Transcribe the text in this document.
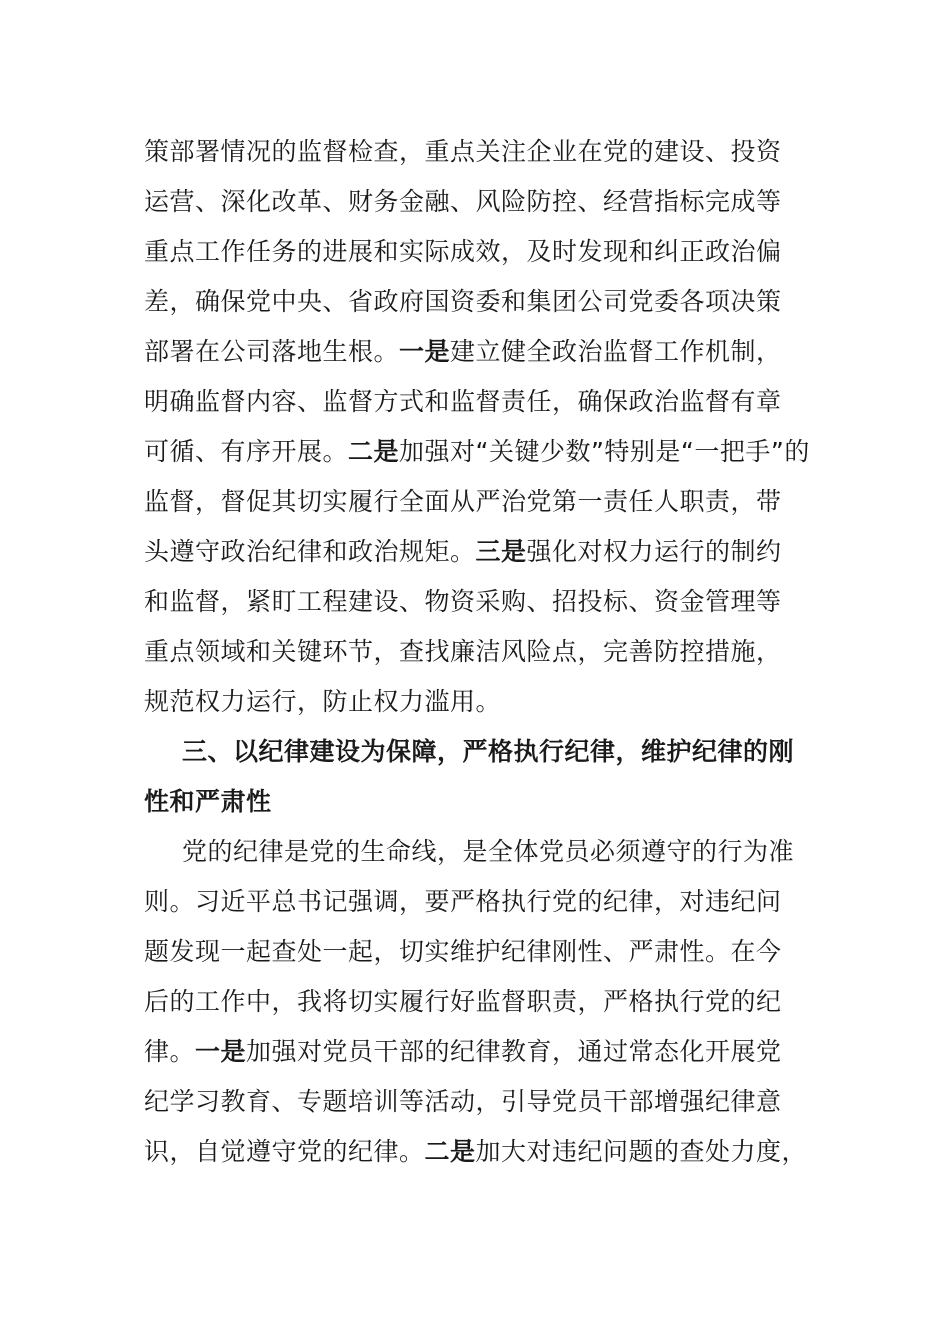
策部署情况的监督检查，重点关注企业在党的建设、投资
运营、深化改革、财务金融、风险防控、经营指标完成等
重点工作任务的进展和实际成效，及时发现和纠正政治偏
差，确保党中央、省政府国资委和集团公司党委各项决策
部署在公司落地生根。一是建立健全政治监督工作机制，
明确监督内容、监督方式和监督责任，确保政治监督有章
可循、有序开展。二是加强对“关键少数”特别是“一把手”的
监督，督促其切实履行全面从严治党第一责任人职责，带
头遵守政治纪律和政治规矩。三是强化对权力运行的制约
和监督，紧盯工程建设、物资采购、招投标、资金管理等
重点领域和关键环节，查找廉洁风险点，完善防控措施，
规范权力运行，防止权力滥用。
三、以纪律建设为保障，严格执行纪律，维护纪律的刚
性和严肃性
党的纪律是党的生命线，是全体党员必须遵守的行为准
则。习近平总书记强调，要严格执行党的纪律，对违纪问
题发现一起查处一起，切实维护纪律刚性、严肃性。在今
后的工作中，我将切实履行好监督职责，严格执行党的纪
律。一是加强对党员干部的纪律教育，通过常态化开展党
纪学习教育、专题培训等活动，引导党员干部增强纪律意
识，自觉遵守党的纪律。二是加大对违纪问题的查处力度，
